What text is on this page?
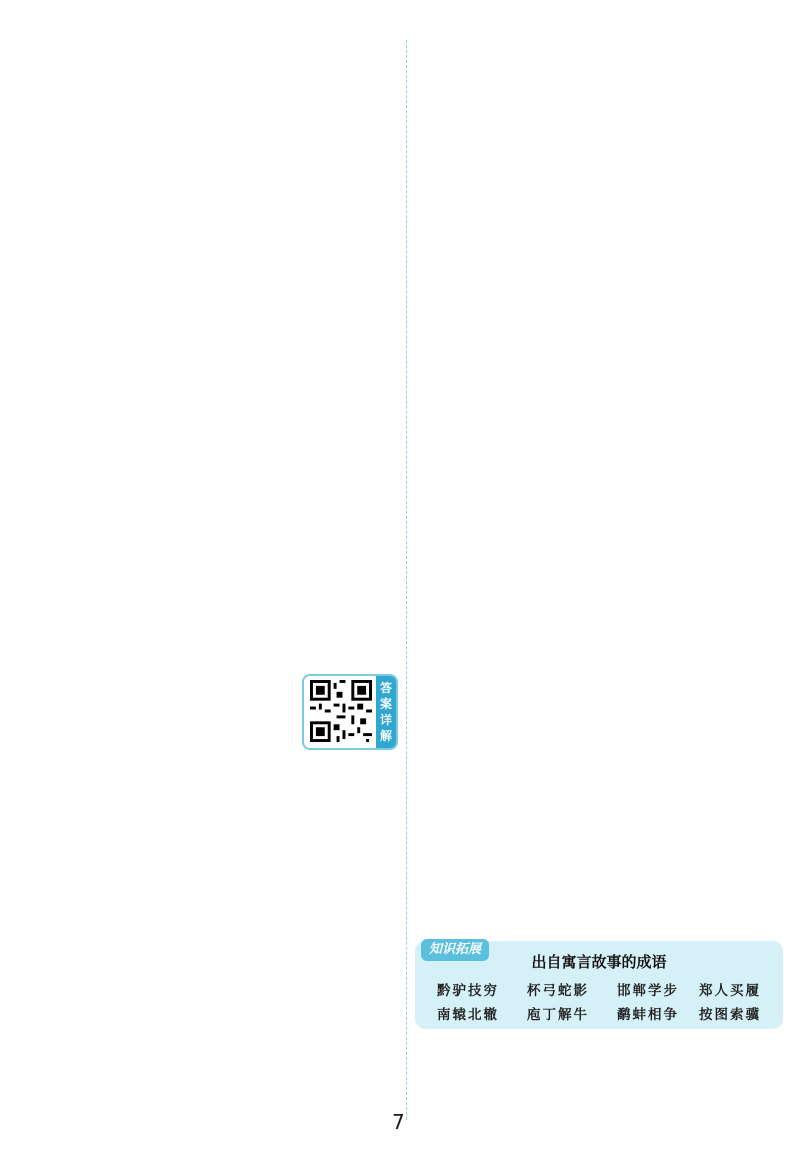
答
案
详
解
知识拓展
出自寓言故事的成语
黔驴技穷 杯弓蛇影 邯郸学步 郑人买履
南辕北辙 庖丁解牛 鹬蚌相争 按图索骥
7
